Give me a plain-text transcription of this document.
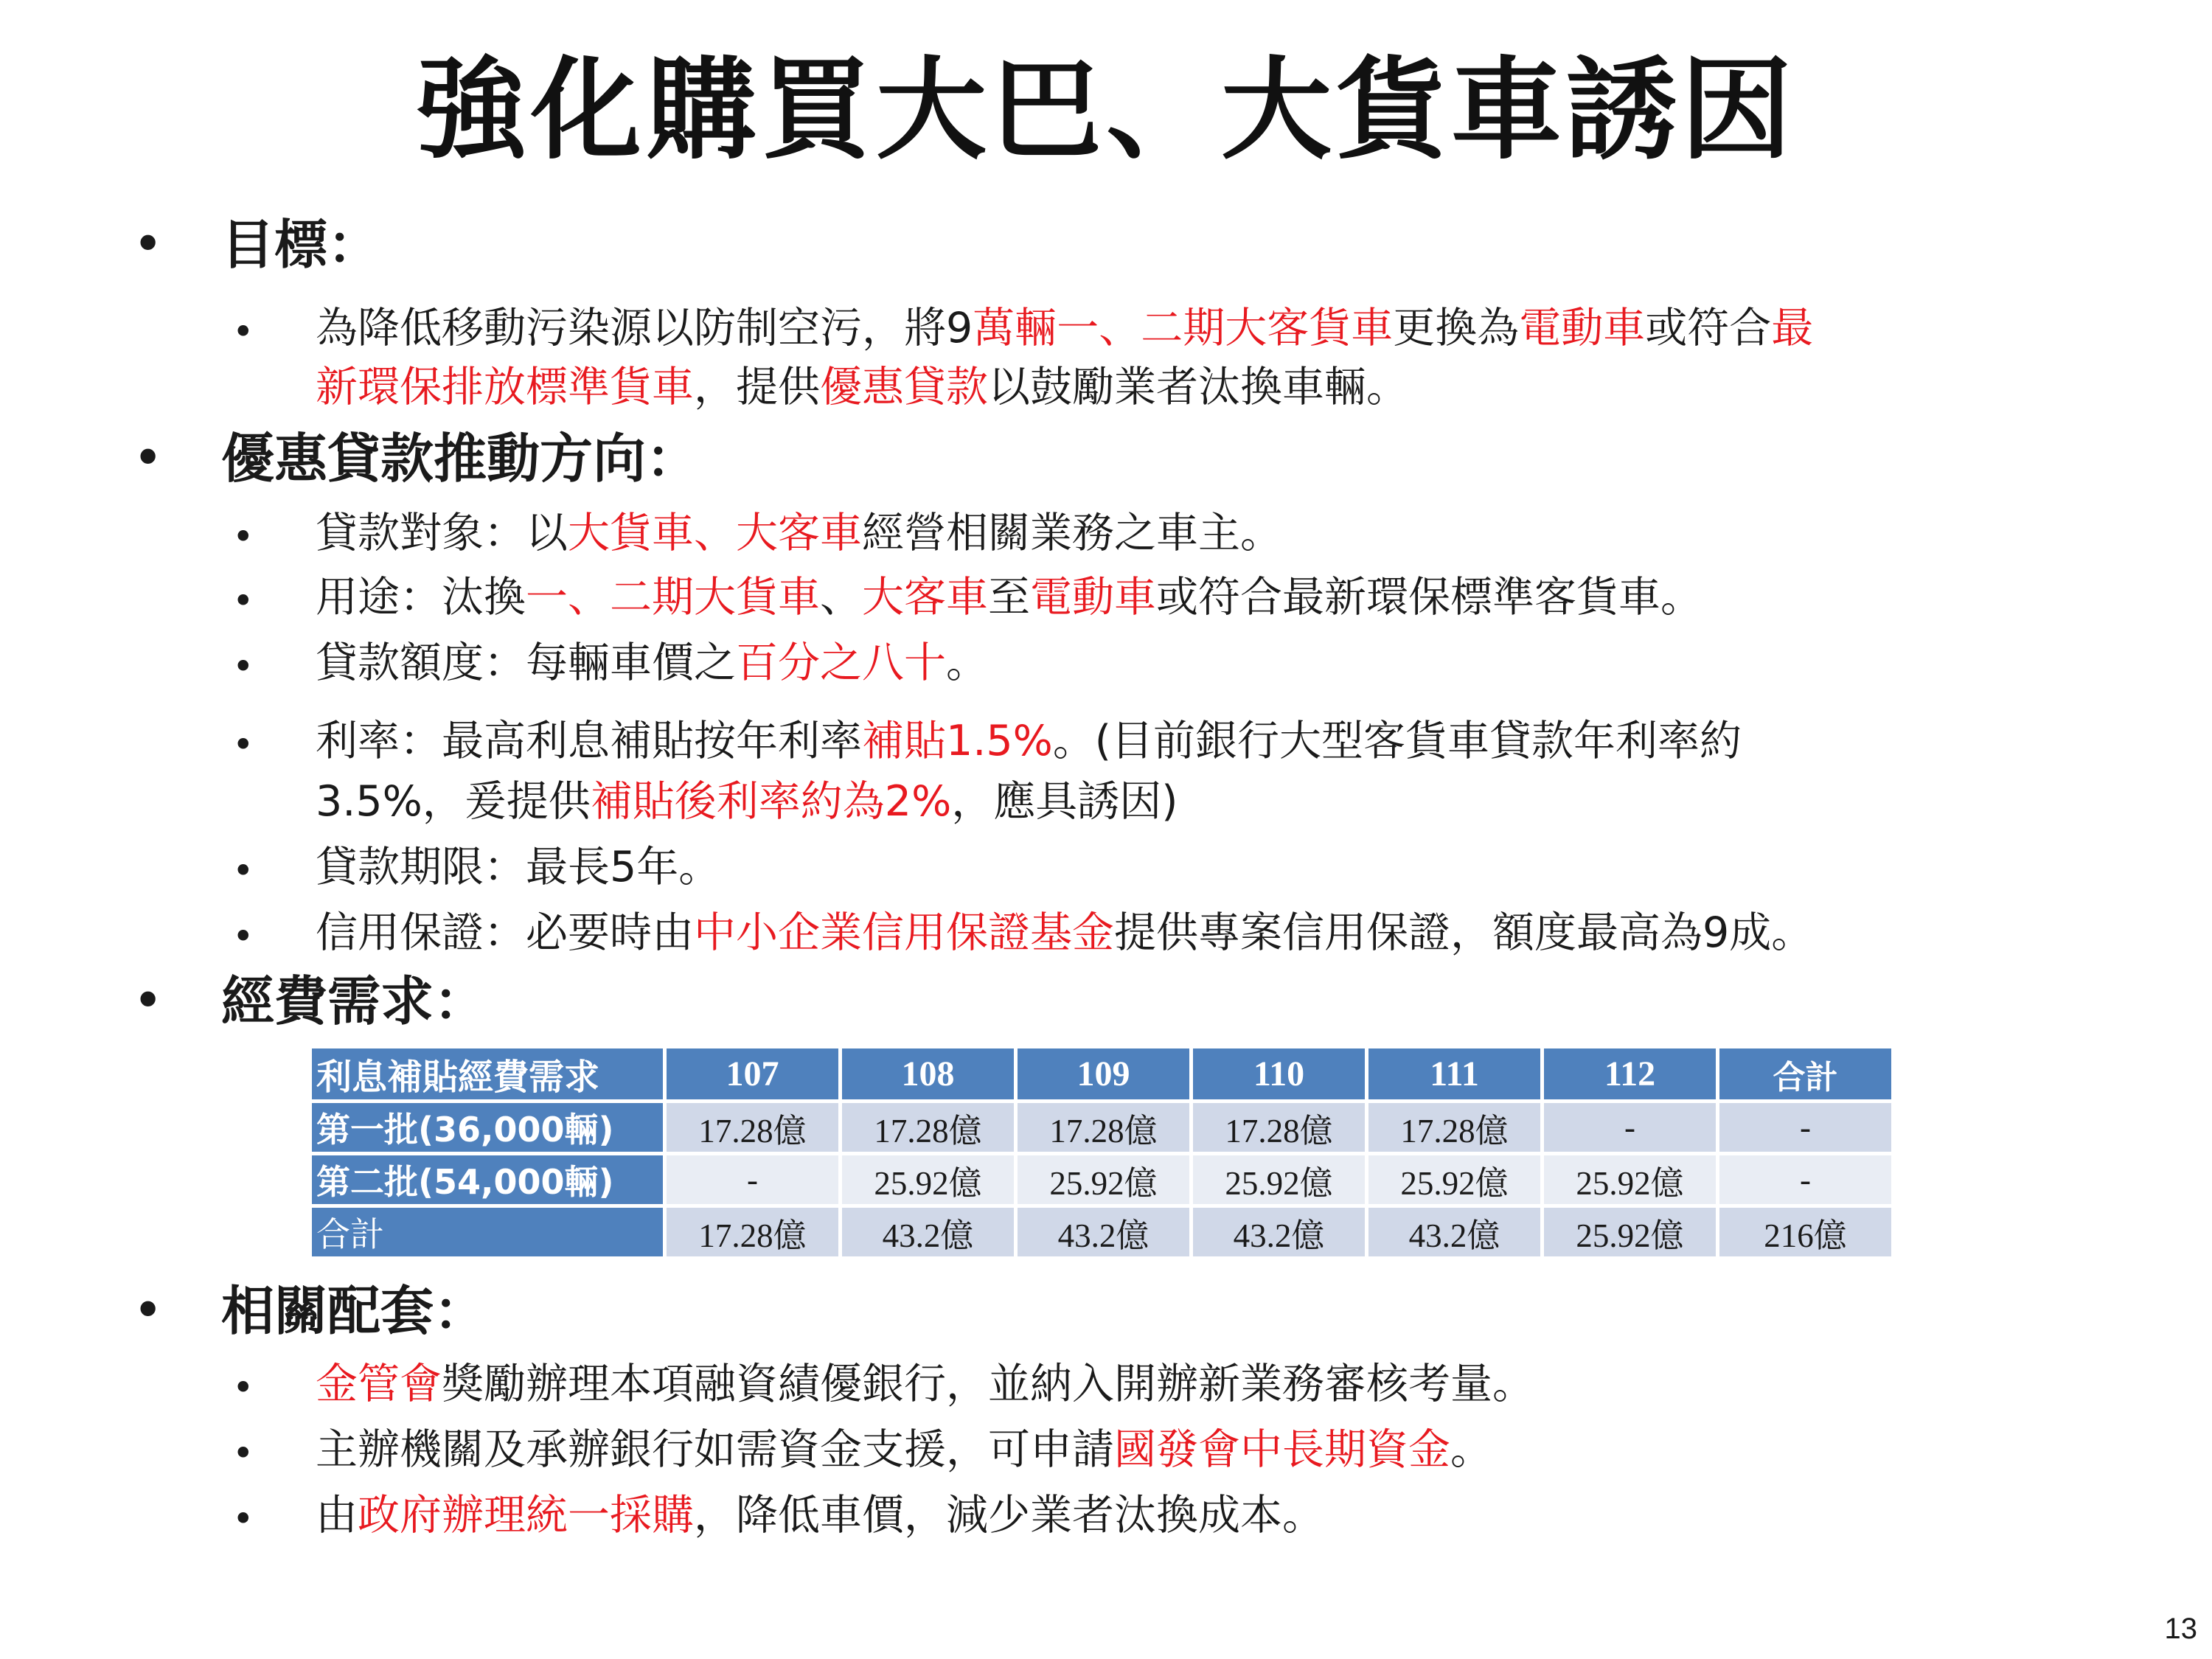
強化購買大巴、大貨車誘因
• 目標：
• 為降低移動污染源以防制空污，將9萬輛一、二期大客貨車更換為電動車或符合最
新環保排放標準貨車，提供優惠貸款以鼓勵業者汰換車輛。
• 優惠貸款推動方向：
• 貸款對象：以大貨車、大客車經營相關業務之車主。
• 用途：汰換一、二期大貨車、大客車至電動車或符合最新環保標準客貨車。
• 貸款額度：每輛車價之百分之八十。
• 利率：最高利息補貼按年利率補貼1.5%。(目前銀行大型客貨車貸款年利率約
3.5%，爰提供補貼後利率約為2%，應具誘因)
• 貸款期限：最長5年。
• 信用保證：必要時由中小企業信用保證基金提供專案信用保證，額度最高為9成。
• 經費需求：
利息補貼經費需求	107	108	109	110	111	112	合計
第一批(36,000輛)	17.28億	17.28億	17.28億	17.28億	17.28億	-	-
第二批(54,000輛)	-	25.92億	25.92億	25.92億	25.92億	25.92億	-
合計	17.28億	43.2億	43.2億	43.2億	43.2億	25.92億	216億
• 相關配套：
• 金管會獎勵辦理本項融資績優銀行，並納入開辦新業務審核考量。
• 主辦機關及承辦銀行如需資金支援，可申請國發會中長期資金。
• 由政府辦理統一採購，降低車價，減少業者汰換成本。
13
